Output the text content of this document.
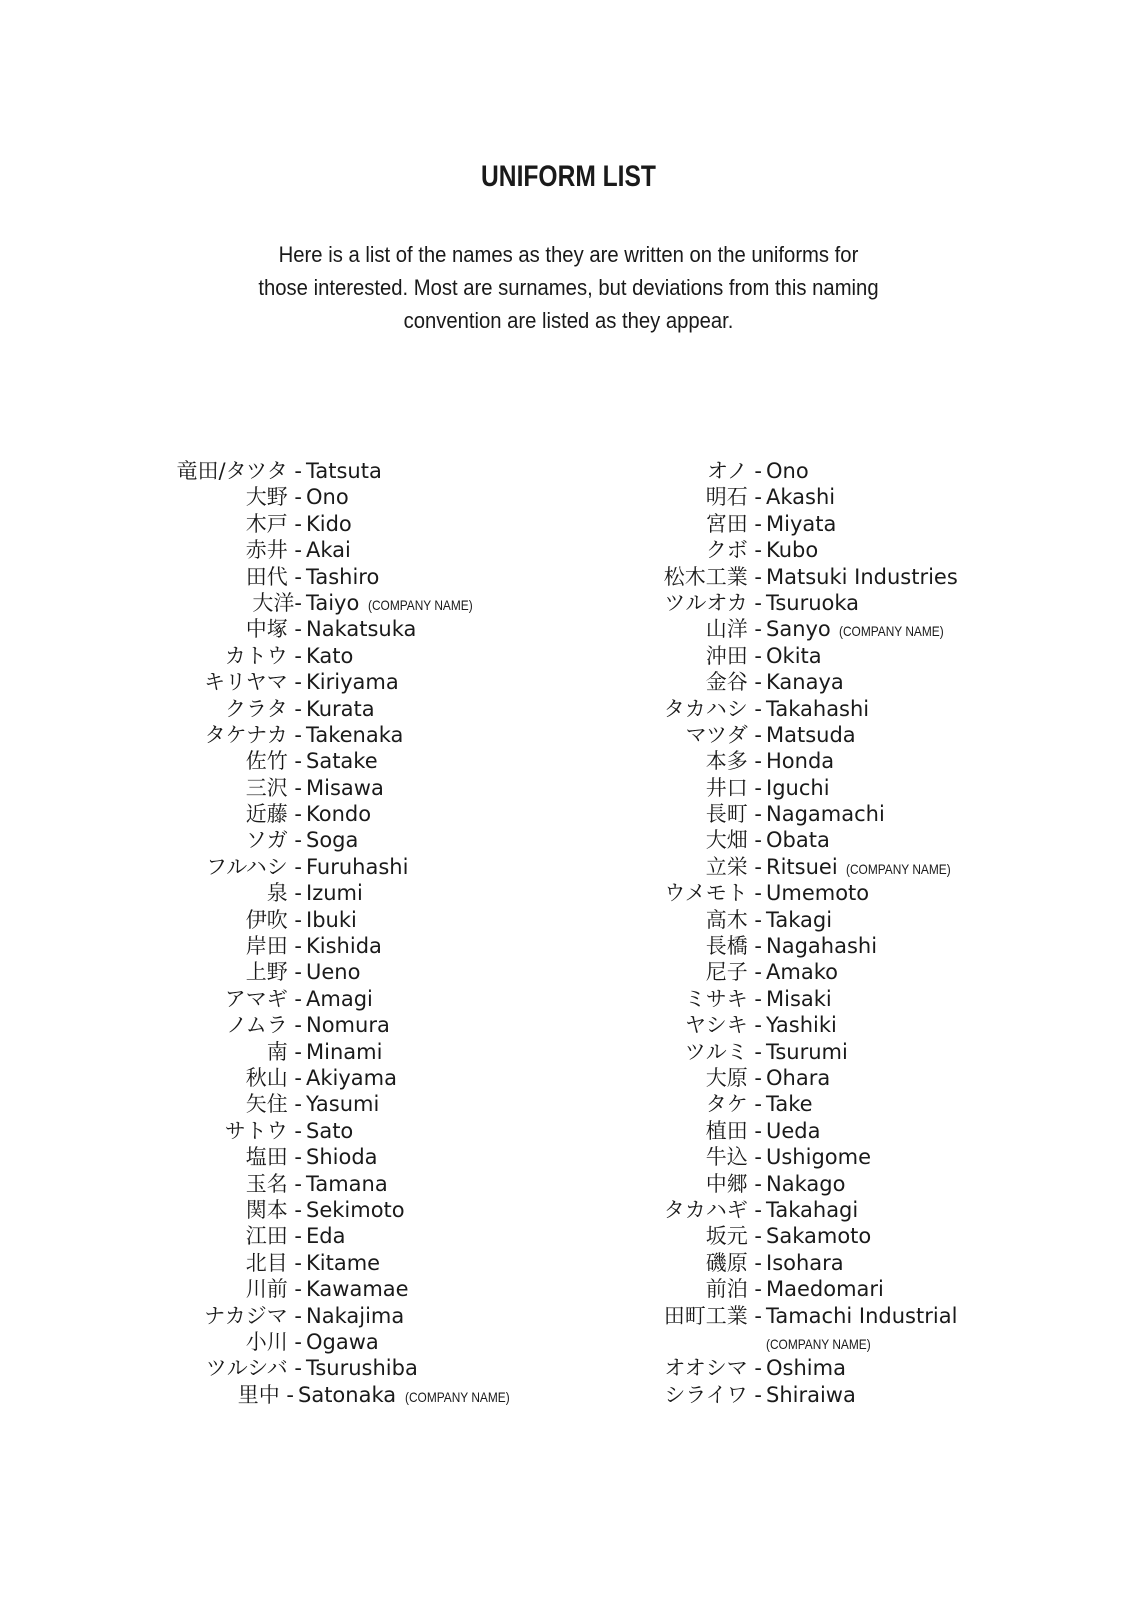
UNIFORM LIST
Here is a list of the names as they are written on the uniforms for
those interested. Most are surnames, but deviations from this naming
convention are listed as they appear.
竜田/タツタ - Tatsuta
大野 - Ono
木戸 - Kido
赤井 - Akai
田代 - Tashiro
大洋- Taiyo (COMPANY NAME)
中塚 - Nakatsuka
カトウ - Kato
キリヤマ - Kiriyama
クラタ - Kurata
タケナカ - Takenaka
佐竹 - Satake
三沢 - Misawa
近藤 - Kondo
ソガ - Soga
フルハシ - Furuhashi
泉 - Izumi
伊吹 - Ibuki
岸田 - Kishida
上野 - Ueno
アマギ - Amagi
ノムラ - Nomura
南 - Minami
秋山 - Akiyama
矢住 - Yasumi
サトウ - Sato
塩田 - Shioda
玉名 - Tamana
関本 - Sekimoto
江田 - Eda
北目 - Kitame
川前 - Kawamae
ナカジマ - Nakajima
小川 - Ogawa
ツルシバ - Tsurushiba
里中 - Satonaka (COMPANY NAME)
オノ - Ono
明石 - Akashi
宮田 - Miyata
クボ - Kubo
松木工業 - Matsuki Industries
ツルオカ - Tsuruoka
山洋 - Sanyo (COMPANY NAME)
沖田 - Okita
金谷 - Kanaya
タカハシ - Takahashi
マツダ - Matsuda
本多 - Honda
井口 - Iguchi
長町 - Nagamachi
大畑 - Obata
立栄 - Ritsuei (COMPANY NAME)
ウメモト - Umemoto
高木 - Takagi
長橋 - Nagahashi
尼子 - Amako
ミサキ - Misaki
ヤシキ - Yashiki
ツルミ - Tsurumi
大原 - Ohara
タケ - Take
植田 - Ueda
牛込 - Ushigome
中郷 - Nakago
タカハギ - Takahagi
坂元 - Sakamoto
磯原 - Isohara
前泊 - Maedomari
田町工業 - Tamachi Industrial
(COMPANY NAME)
オオシマ - Oshima
シライワ - Shiraiwa
